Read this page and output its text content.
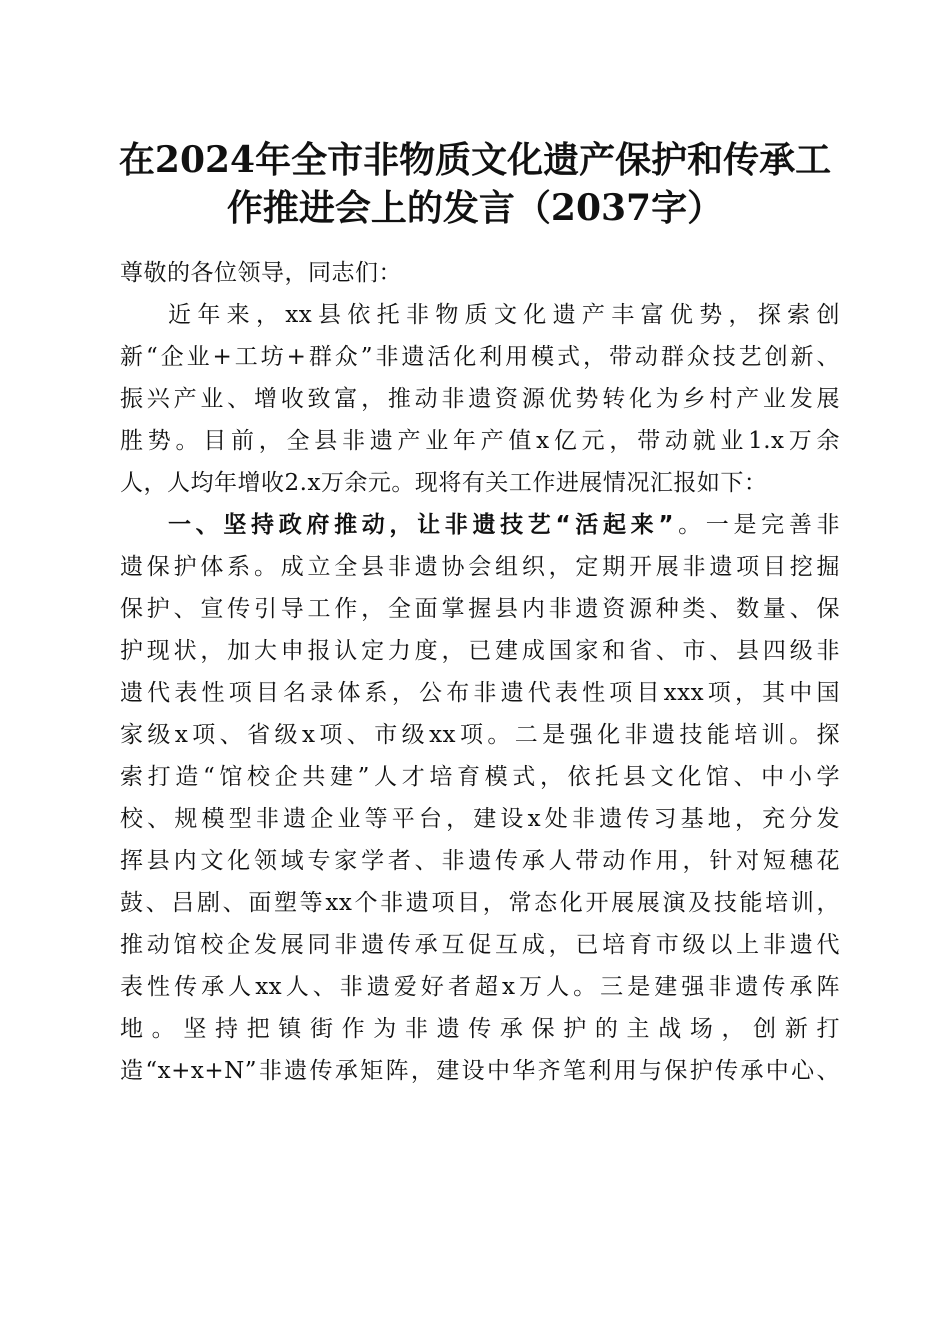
在2024年全市非物质文化遗产保护和传承工
作推进会上的发言（2037字）
尊敬的各位领导，同志们：
近年来，xx县依托非物质文化遗产丰富优势，探索创
新“企业+工坊+群众”非遗活化利用模式，带动群众技艺创新、
振兴产业、增收致富，推动非遗资源优势转化为乡村产业发展
胜势。目前，全县非遗产业年产值x亿元，带动就业1.x万余
人，人均年增收2.x万余元。现将有关工作进展情况汇报如下：
一、坚持政府推动，让非遗技艺“活起来”。一是完善非
遗保护体系。成立全县非遗协会组织，定期开展非遗项目挖掘
保护、宣传引导工作，全面掌握县内非遗资源种类、数量、保
护现状，加大申报认定力度，已建成国家和省、市、县四级非
遗代表性项目名录体系，公布非遗代表性项目xxx项，其中国
家级x项、省级x项、市级xx项。二是强化非遗技能培训。探
索打造“馆校企共建”人才培育模式，依托县文化馆、中小学
校、规模型非遗企业等平台，建设x处非遗传习基地，充分发
挥县内文化领域专家学者、非遗传承人带动作用，针对短穗花
鼓、吕剧、面塑等xx个非遗项目，常态化开展展演及技能培训，
推动馆校企发展同非遗传承互促互成，已培育市级以上非遗代
表性传承人xx人、非遗爱好者超x万人。三是建强非遗传承阵
地。坚持把镇街作为非遗传承保护的主战场，创新打
造“x+x+N”非遗传承矩阵，建设中华齐笔利用与保护传承中心、
